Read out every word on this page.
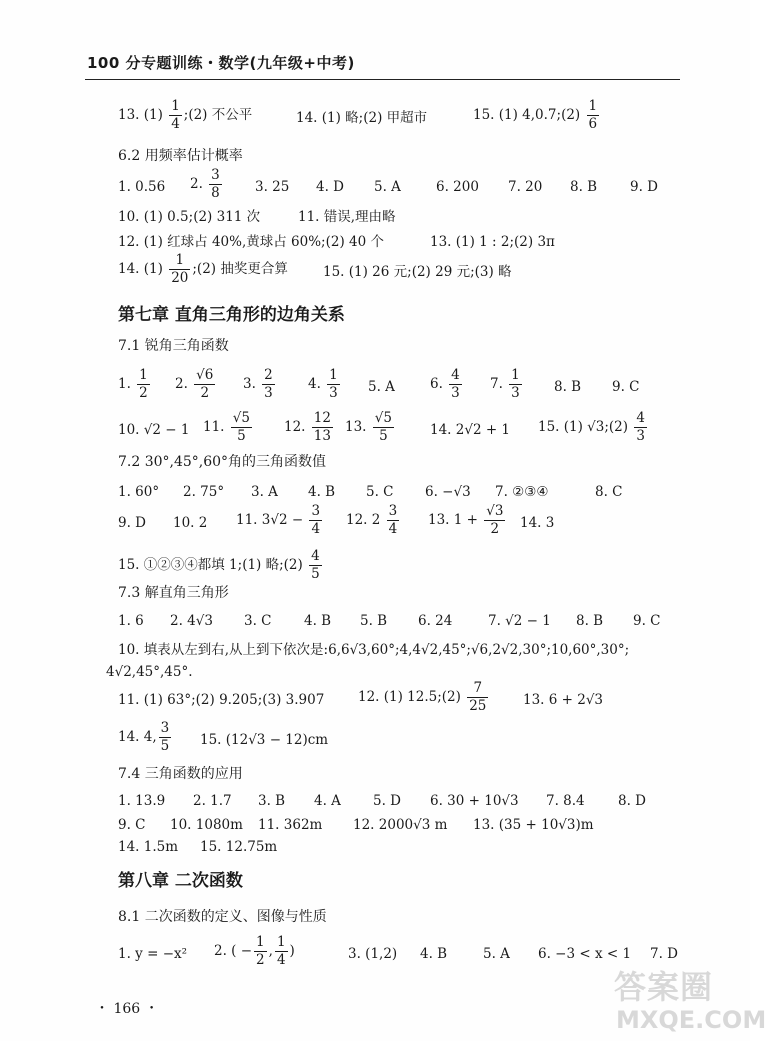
100 分专题训练・数学(九年级+中考)
第七章 直角三角形的边角关系
第八章 二次函数
6.2 用频率估计概率
7.1 锐角三角函数
7.2 30°,45°,60°角的三角函数值
7.3 解直角三角形
7.4 三角函数的应用
8.1 二次函数的定义、图像与性质
13. $(1) \frac{1}{4}$ ;(2) 不公平	14. (1) 略;(2) 甲超市	15. (1) 4,0.7;(2) $\frac{1}{6}$
1. 0.56 2. $\frac{3}{8} 3$. 25 4. D 5. A	6. 200 7. 20 8. B 9. D
10. (1) 0.5;(2) 311 次	11. 错误,理由略
12. (1) 红球占 40%,黄球占 60%;(2) 40 个	13. (1) 1 : 2;(2) 3π
14. $(1) \frac{1}{20}$ ;(2) 抽奖更合算	15. (1) 26 元;(2) 29 元;(3) 略
1. $\frac{1}{2} 2$. $\frac{√6}{2} 3$. $\frac{2}{3} 4$. $\frac{1}{3} 5$. A	6. $\frac{4}{3} 7$. $\frac{1}{3} 8$. B 9. C
10. √2 − 1 11. $\frac{√5}{5} 12$. $\frac{12}{13} 13$. $\frac{√5}{5}$	14. 2√2 + 1 15. (1) √3;(2) $\frac{4}{3}$
1. 60° 2. 75° 3. A 4. B 5. C 6. −√3 7. ②③④	8. C
9. D 10. 2 11. $3√2 - \frac{3}{4} 12$. $2 \frac{3}{4} 13$. $1 + \frac{√3}{2} 14$. 3
15. ①②③④都填 1;(1) 略;(2) $\frac{4}{5}$
1. 6 2. 4√3 3. C 4. B 5. B 6. 24	7. √2 − 1 8. B 9. C
10. 填表从左到右,从上到下依次是:6,6√3,60°;4,4√2,45°;√6,2√2,30°;10,60°,30°;
4√2,45°,45°.
11. (1) 63°;(2) 9.205;(3) 3.907 12. (1) 12.5;(2) $\frac{7}{25}$	13. 6 + 2√3
14. 4, $\frac{3}{5} 15$. (12√3 − 12)cm
1. 13.9 2. 1.7 3. B 4. A 5. D 6. 30 + 10√3 7. 8.4 8. D
9. C 10. 1080m 11. 362m 12. 2000√3 m 13. (35 + 10√3)m
14. 1.5m 15. 12.75m
1. y = −x² 2. ( − $\frac{1}{2}$ , $\frac{1}{4}$ )	3. (1,2) 4. B	5. A 6. −3 < x < 1 7. D
・ 166 ・
答案圈
MXQE.COM
